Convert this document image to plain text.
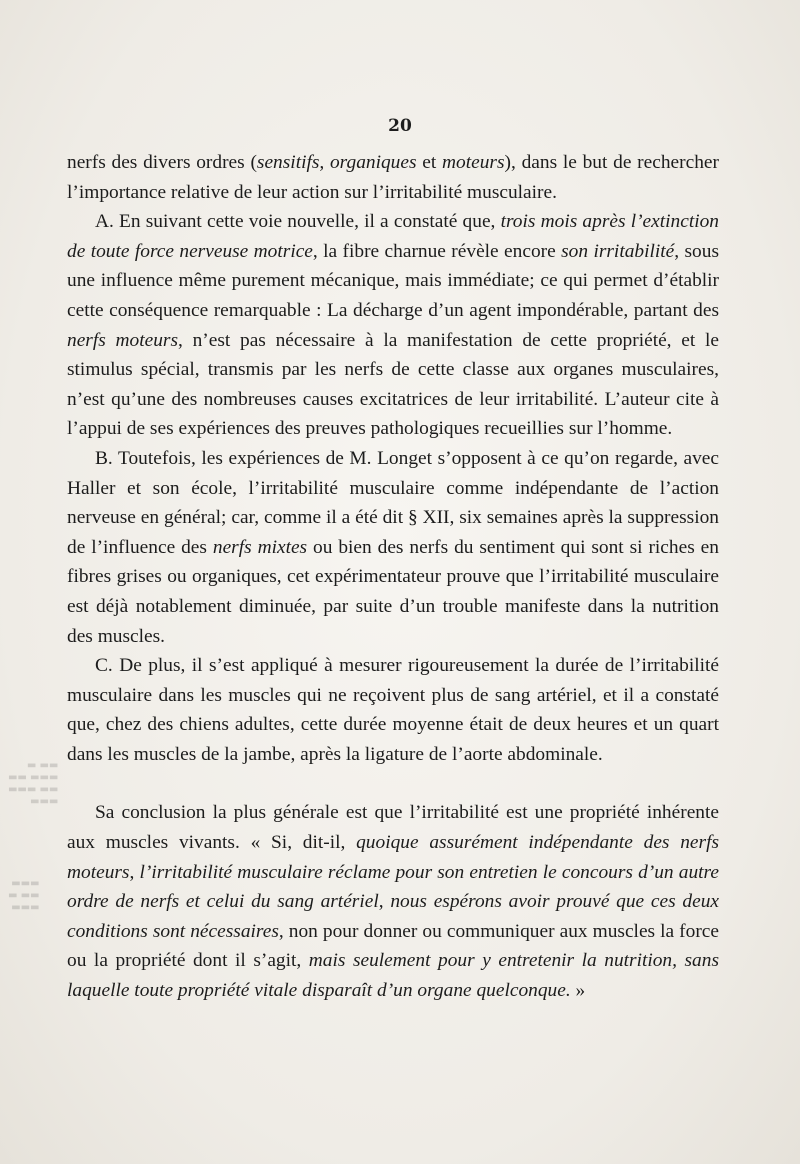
▬▬ ▬
▬▬▬ ▬▬
▬▬ ▬▬▬
▬▬▬
▬▬▬
▬▬ ▬
▬▬▬
20

nerfs des divers ordres (sensitifs, organiques et moteurs), dans le but de rechercher l’importance relative de leur action sur l’irritabilité musculaire.

A. En suivant cette voie nouvelle, il a constaté que, trois mois après l’extinction de toute force nerveuse motrice, la fibre charnue révèle encore son irritabilité, sous une influence même purement mécanique, mais immédiate; ce qui permet d’établir cette conséquence remarquable : La décharge d’un agent impondérable, partant des nerfs moteurs, n’est pas nécessaire à la manifestation de cette propriété, et le stimulus spécial, transmis par les nerfs de cette classe aux organes musculaires, n’est qu’une des nombreuses causes excitatrices de leur irritabilité. L’auteur cite à l’appui de ses expériences des preuves pathologiques recueillies sur l’homme.

B. Toutefois, les expériences de M. Longet s’opposent à ce qu’on regarde, avec Haller et son école, l’irritabilité musculaire comme indépendante de l’action nerveuse en général; car, comme il a été dit § XII, six semaines après la suppression de l’influence des nerfs mixtes ou bien des nerfs du sentiment qui sont si riches en fibres grises ou organiques, cet expérimentateur prouve que l’irritabilité musculaire est déjà notablement diminuée, par suite d’un trouble manifeste dans la nutrition des muscles.

C. De plus, il s’est appliqué à mesurer rigoureusement la durée de l’irritabilité musculaire dans les muscles qui ne reçoivent plus de sang artériel, et il a constaté que, chez des chiens adultes, cette durée moyenne était de deux heures et un quart dans les muscles de la jambe, après la ligature de l’aorte abdominale.

Sa conclusion la plus générale est que l’irritabilité est une propriété inhérente aux muscles vivants. « Si, dit-il, quoique assurément indépendante des nerfs moteurs, l’irritabilité musculaire réclame pour son entretien le concours d’un autre ordre de nerfs et celui du sang artériel, nous espérons avoir prouvé que ces deux conditions sont nécessaires, non pour donner ou communiquer aux muscles la force ou la propriété dont il s’agit, mais seulement pour y entretenir la nutrition, sans laquelle toute propriété vitale disparaît d’un organe quelconque. »
